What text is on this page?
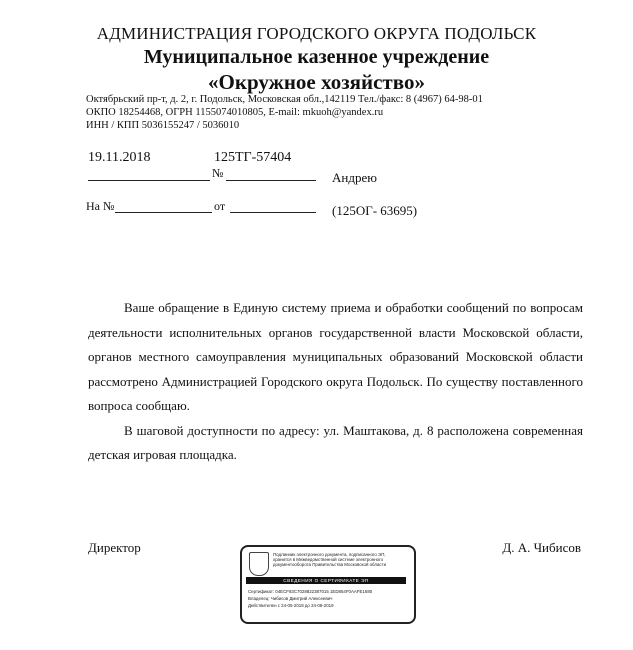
АДМИНИСТРАЦИЯ ГОРОДСКОГО ОКРУГА ПОДОЛЬСК
Муниципальное казенное учреждение
«Окружное хозяйство»
Октябрьский пр-т, д. 2, г. Подольск, Московская обл.,142119 Тел./факс: 8 (4967) 64-98-01
ОКПО 18254468, ОГРН 1155074010805, E-mail: mkuoh@yandex.ru
ИНН / КПП 5036155247 / 5036010
19.11.2018	125ТГ-57404
№	Андрею
На №	от	(125ОГ- 63695)

Ваше обращение в Единую систему приема и обработки сообщений по вопросам деятельности исполнительных органов государственной власти Московской области, органов местного самоуправления муниципальных образований Московской области рассмотрено Администрацией Городского округа Подольск. По существу поставленного вопроса сообщаю.

В шаговой доступности по адресу: ул. Маштакова, д. 8 расположена современная детская игровая площадка.

Директор	Д. А. Чибисов
Подлинник электронного документа, подписанного ЭП,
хранится в Межведомственной системе электронного
документооборота Правительства Московской области
СВЕДЕНИЯ О СЕРТИФИКАТЕ ЭП
Сертификат: 04ECF83C7028822387015 1ED854F0AAFE1680
Владелец: Чибисов Дмитрий Алексеевич
Действителен с 24-05-2018 до 24-08-2019
